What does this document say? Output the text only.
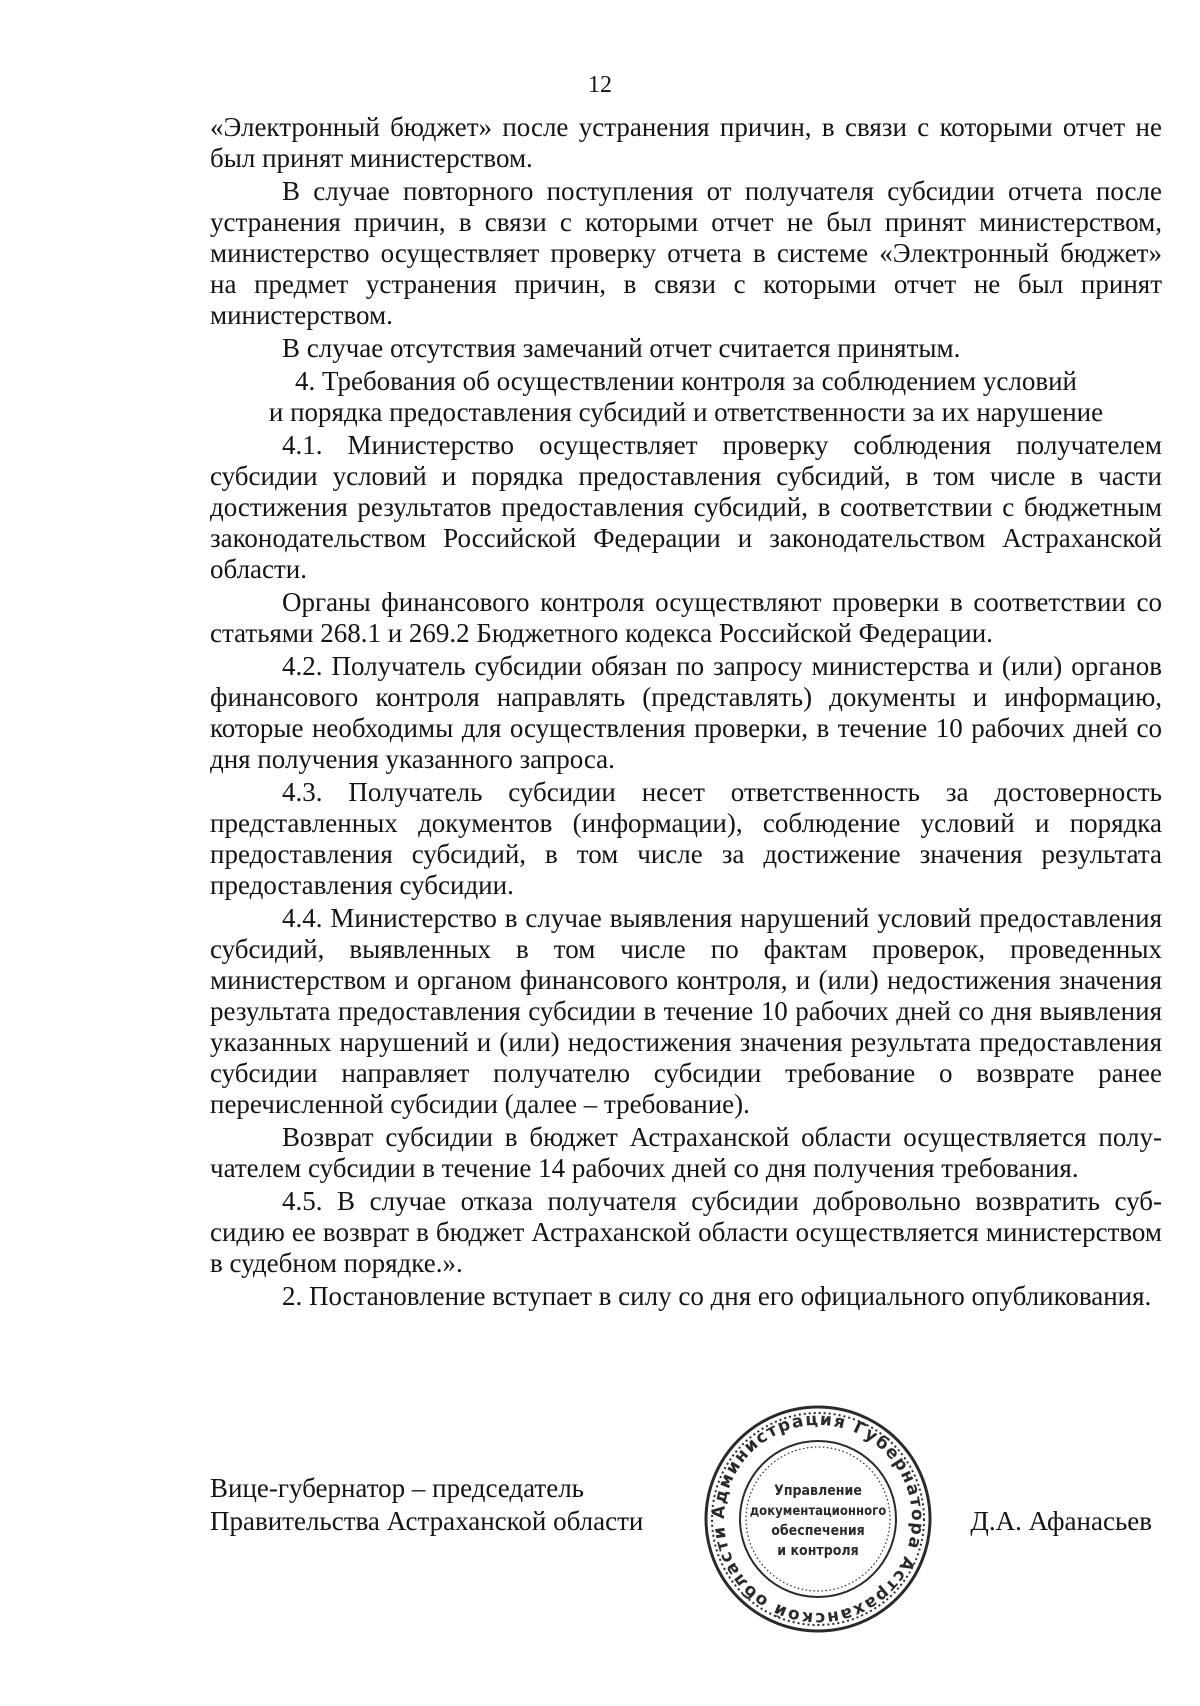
12

«Электронный бюджет» после устранения причин, в связи с которыми отчет не был принят министерством.

В случае повторного поступления от получателя субсидии отчета после устранения причин, в связи с которыми отчет не был принят министерством, министерство осуществляет проверку отчета в системе «Электронный бюджет» на предмет устранения причин, в связи с которыми отчет не был принят министерством.

В случае отсутствия замечаний отчет считается принятым.

4. Требования об осуществлении контроля за соблюдением условий
и порядка предоставления субсидий и ответственности за их нарушение

4.1. Министерство осуществляет проверку соблюдения получателем субсидии условий и порядка предоставления субсидий, в том числе в части достижения результатов предоставления субсидий, в соответствии с бюджетным законодательством Российской Федерации и законодательством Астраханской области.

Органы финансового контроля осуществляют проверки в соответствии со статьями 268.1 и 269.2 Бюджетного кодекса Российской Федерации.

4.2. Получатель субсидии обязан по запросу министерства и (или) органов финансового контроля направлять (представлять) документы и информацию, которые необходимы для осуществления проверки, в течение 10 рабочих дней со дня получения указанного запроса.

4.3. Получатель субсидии несет ответственность за достоверность представленных документов (информации), соблюдение условий и порядка предоставления субсидий, в том числе за достижение значения результата предоставления субсидии.

4.4. Министерство в случае выявления нарушений условий предоставления субсидий, выявленных в том числе по фактам проверок, проведенных министерством и органом финансового контроля, и (или) недостижения значения результата предоставления субсидии в течение 10 рабочих дней со дня выявления указанных нарушений и (или) недостижения значения результата предоставления субсидии направляет получателю субсидии требование о возврате ранее перечисленной субсидии (далее – требование).

Возврат субсидии в бюджет Астраханской области осуществляется получателем субсидии в течение 14 рабочих дней со дня получения требования.

4.5. В случае отказа получателя субсидии добровольно возвратить субсидию ее возврат в бюджет Астраханской области осуществляется министерством в судебном порядке.».

2. Постановление вступает в силу со дня его официального опубликования.

Вице-губернатор – председатель
Правительства Астраханской области	Д.А. Афанасьев
Администрация Губернатора Астраханской области
Управление
документационного
обеспечения
и контроля
